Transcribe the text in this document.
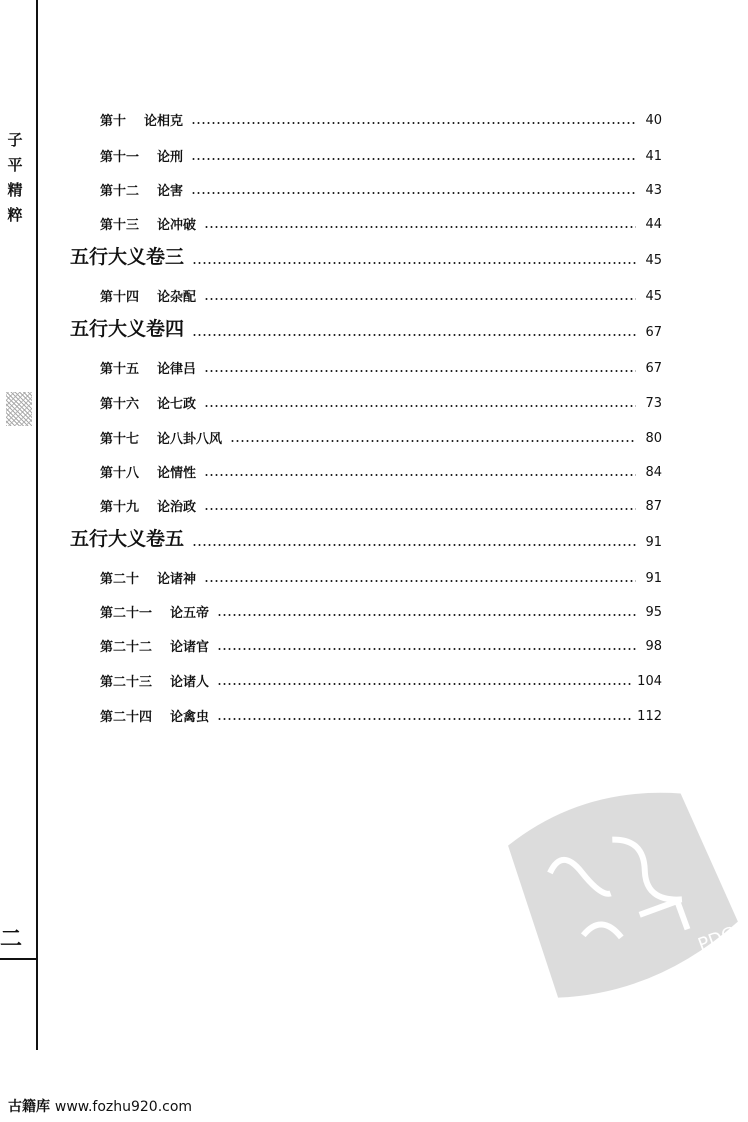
子
平
精
粹
二
第十 论相克	40
第十一 论刑	41
第十二 论害	43
第十三 论冲破	44
五行大义卷三	45
第十四 论杂配	45
五行大义卷四	67
第十五 论律吕	67
第十六 论七政	73
第十七 论八卦八风	80
第十八 论情性	84
第十九 论治政	87
五行大义卷五	91
第二十 论诸神	91
第二十一 论五帝	95
第二十二 论诸官	98
第二十三 论诸人	104
第二十四 论禽虫	112
PDG
古籍库 www.fozhu920.com
